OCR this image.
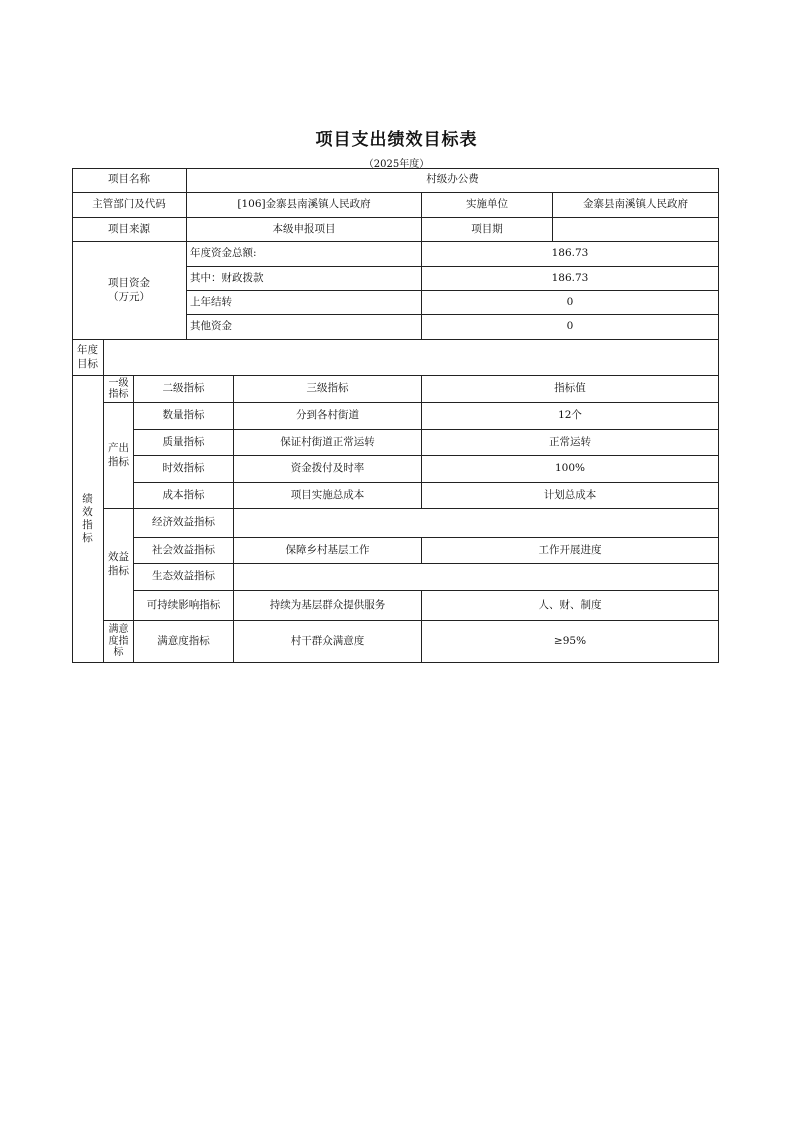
项目支出绩效目标表
（2025年度）
项目名称	村级办公费
主管部门及代码	[106]金寨县南溪镇人民政府	实施单位	金寨县南溪镇人民政府
项目来源	本级申报项目	项目期
项目资金
（万元）
年度资金总额:	186.73
其中：财政拨款	186.73
上年结转	0
其他资金	0
年度
目标
绩
效
指
标
一级
指标
二级指标	三级指标	指标值
产出
指标
数量指标	分到各村街道	12个
质量指标	保证村街道正常运转	正常运转
时效指标	资金拨付及时率	100%
成本指标	项目实施总成本	计划总成本
效益
指标
经济效益指标
社会效益指标	保障乡村基层工作	工作开展进度
生态效益指标
可持续影响指标	持续为基层群众提供服务	人、财、制度
满意
度指
标
满意度指标	村干群众满意度	≥95%
